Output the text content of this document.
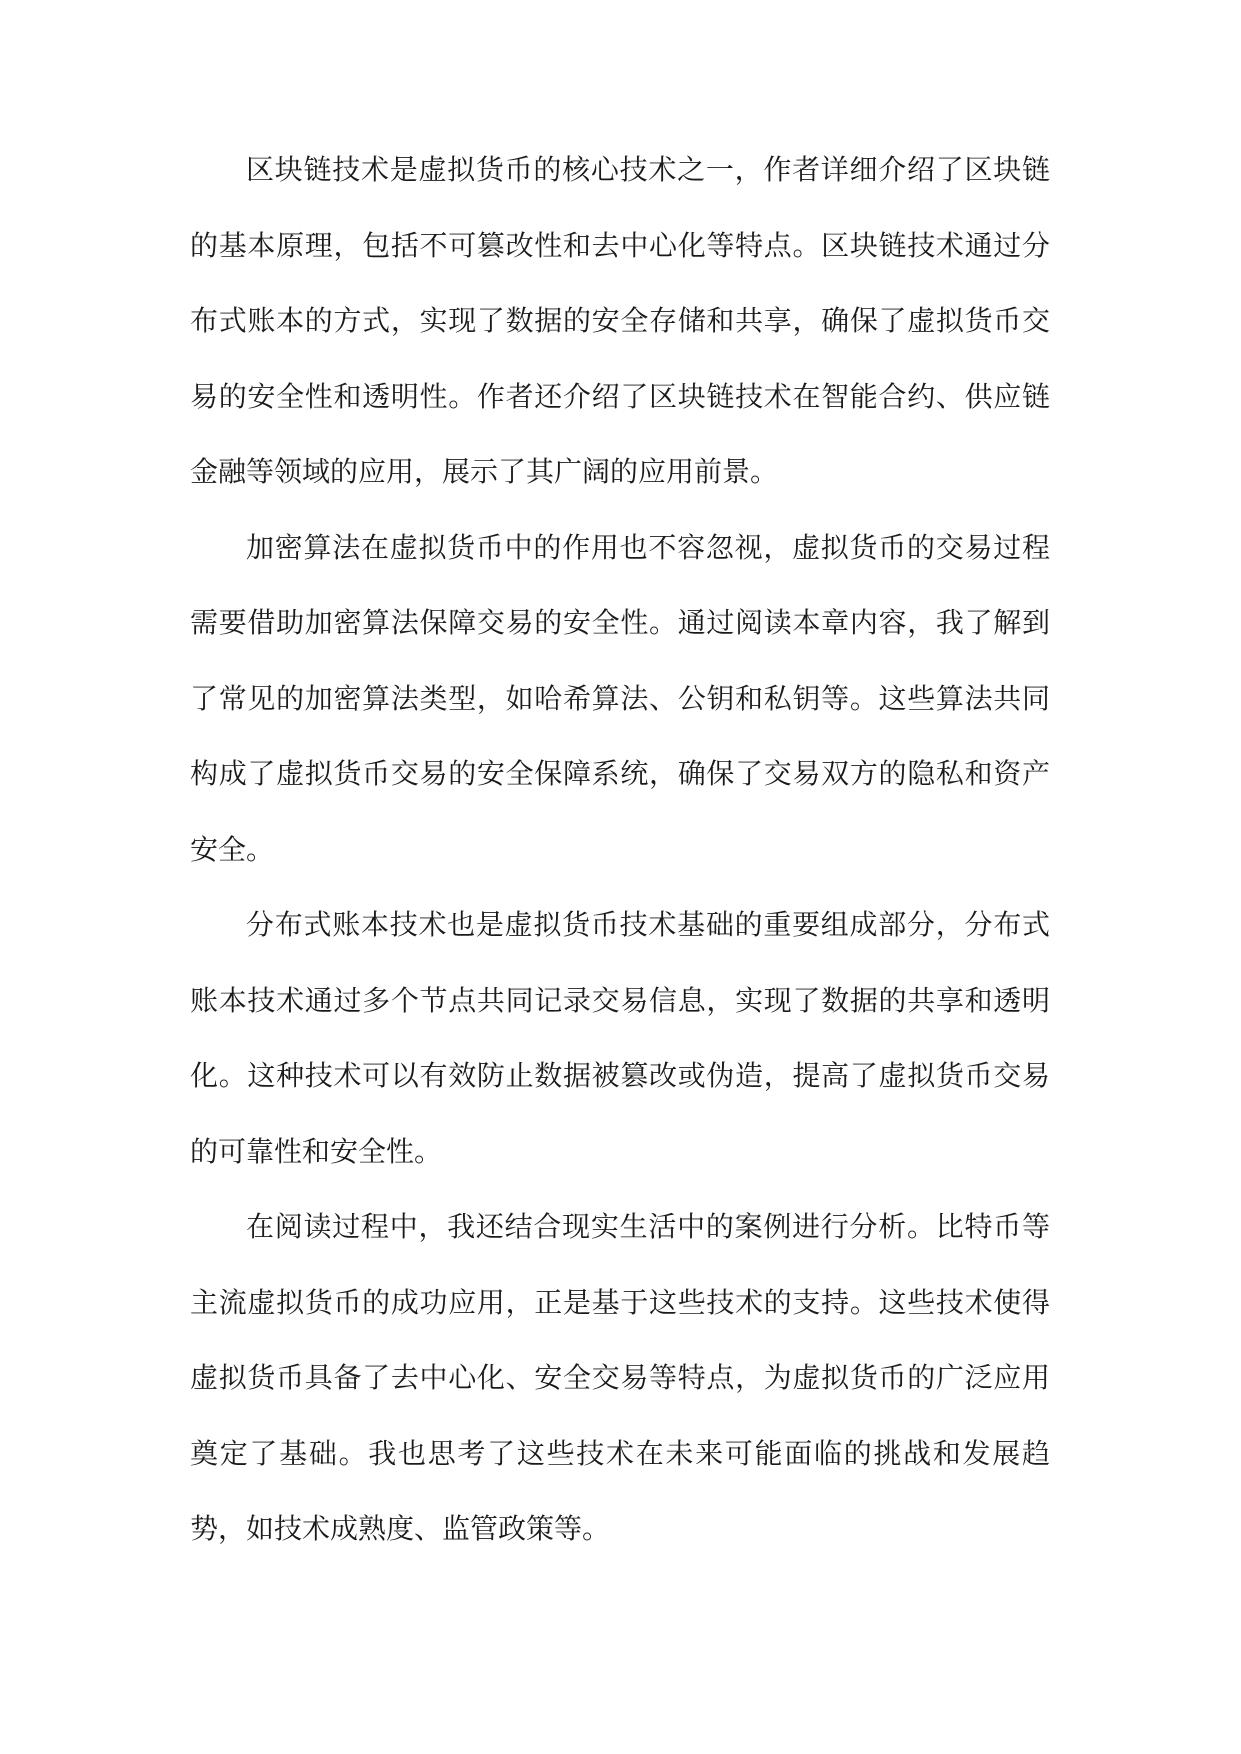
区块链技术是虚拟货币的核心技术之一，作者详细介绍了区块链的基本原理，包括不可篡改性和去中心化等特点。区块链技术通过分布式账本的方式，实现了数据的安全存储和共享，确保了虚拟货币交易的安全性和透明性。作者还介绍了区块链技术在智能合约、供应链金融等领域的应用，展示了其广阔的应用前景。

加密算法在虚拟货币中的作用也不容忽视，虚拟货币的交易过程需要借助加密算法保障交易的安全性。通过阅读本章内容，我了解到了常见的加密算法类型，如哈希算法、公钥和私钥等。这些算法共同构成了虚拟货币交易的安全保障系统，确保了交易双方的隐私和资产安全。

分布式账本技术也是虚拟货币技术基础的重要组成部分，分布式账本技术通过多个节点共同记录交易信息，实现了数据的共享和透明化。这种技术可以有效防止数据被篡改或伪造，提高了虚拟货币交易的可靠性和安全性。

在阅读过程中，我还结合现实生活中的案例进行分析。比特币等主流虚拟货币的成功应用，正是基于这些技术的支持。这些技术使得虚拟货币具备了去中心化、安全交易等特点，为虚拟货币的广泛应用奠定了基础。我也思考了这些技术在未来可能面临的挑战和发展趋势，如技术成熟度、监管政策等。
